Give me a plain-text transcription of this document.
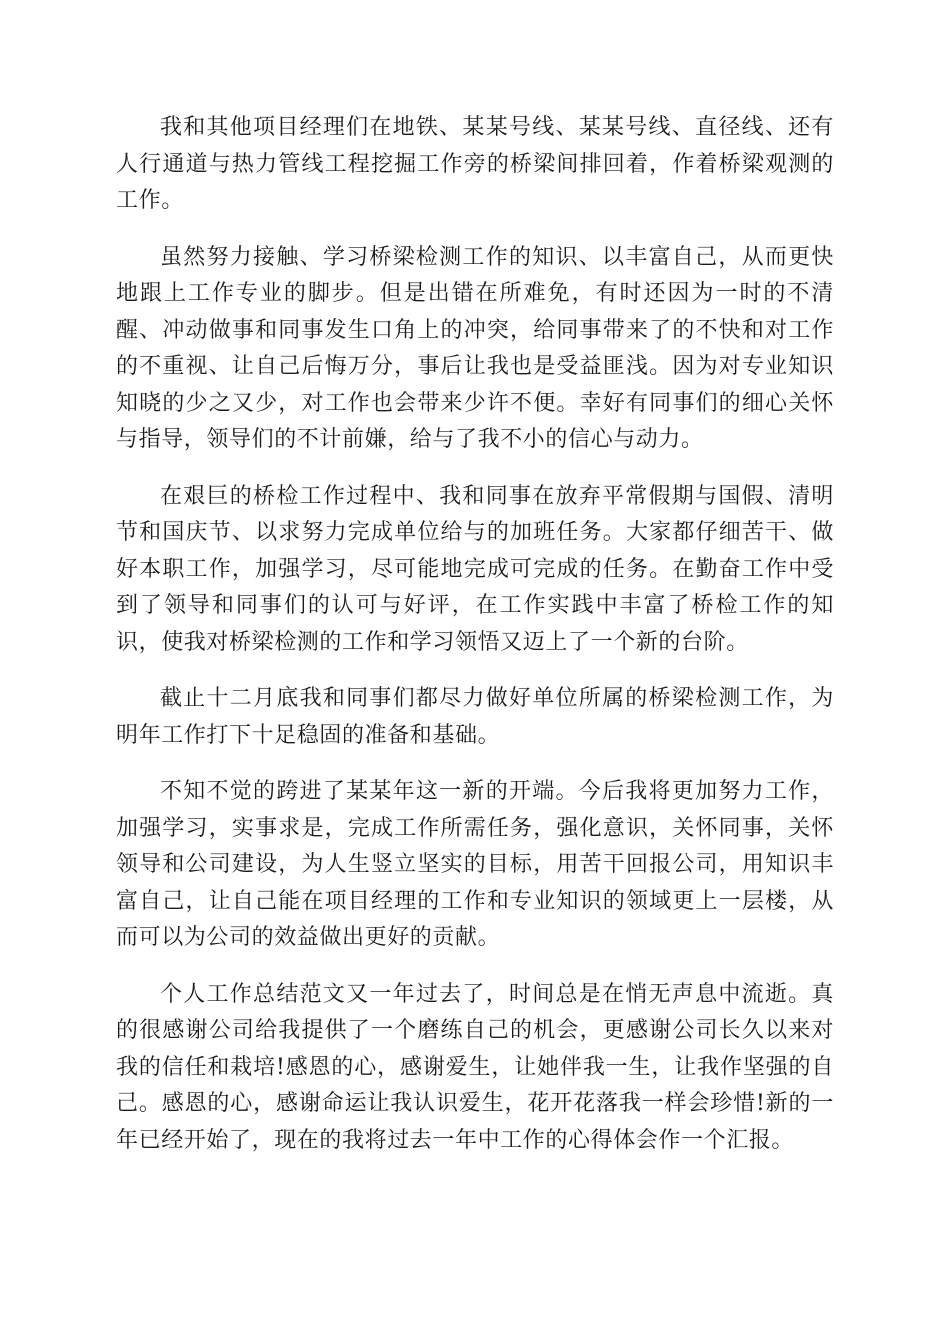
我和其他项目经理们在地铁、某某号线、某某号线、直径线、还有人行通道与热力管线工程挖掘工作旁的桥梁间排回着，作着桥梁观测的工作。

虽然努力接触、学习桥梁检测工作的知识、以丰富自己，从而更快地跟上工作专业的脚步。但是出错在所难免，有时还因为一时的不清醒、冲动做事和同事发生口角上的冲突，给同事带来了的不快和对工作的不重视、让自己后悔万分，事后让我也是受益匪浅。因为对专业知识知晓的少之又少，对工作也会带来少许不便。幸好有同事们的细心关怀与指导，领导们的不计前嫌，给与了我不小的信心与动力。

在艰巨的桥检工作过程中、我和同事在放弃平常假期与国假、清明节和国庆节、以求努力完成单位给与的加班任务。大家都仔细苦干、做好本职工作，加强学习，尽可能地完成可完成的任务。在勤奋工作中受到了领导和同事们的认可与好评，在工作实践中丰富了桥检工作的知识，使我对桥梁检测的工作和学习领悟又迈上了一个新的台阶。

截止十二月底我和同事们都尽力做好单位所属的桥梁检测工作，为明年工作打下十足稳固的准备和基础。

不知不觉的跨进了某某年这一新的开端。今后我将更加努力工作，加强学习，实事求是，完成工作所需任务，强化意识，关怀同事，关怀领导和公司建设，为人生竖立坚实的目标，用苦干回报公司，用知识丰富自己，让自己能在项目经理的工作和专业知识的领域更上一层楼，从而可以为公司的效益做出更好的贡献。

个人工作总结范文又一年过去了，时间总是在悄无声息中流逝。真的很感谢公司给我提供了一个磨练自己的机会，更感谢公司长久以来对我的信任和栽培!感恩的心，感谢爱生，让她伴我一生，让我作坚强的自己。感恩的心，感谢命运让我认识爱生，花开花落我一样会珍惜!新的一年已经开始了，现在的我将过去一年中工作的心得体会作一个汇报。
